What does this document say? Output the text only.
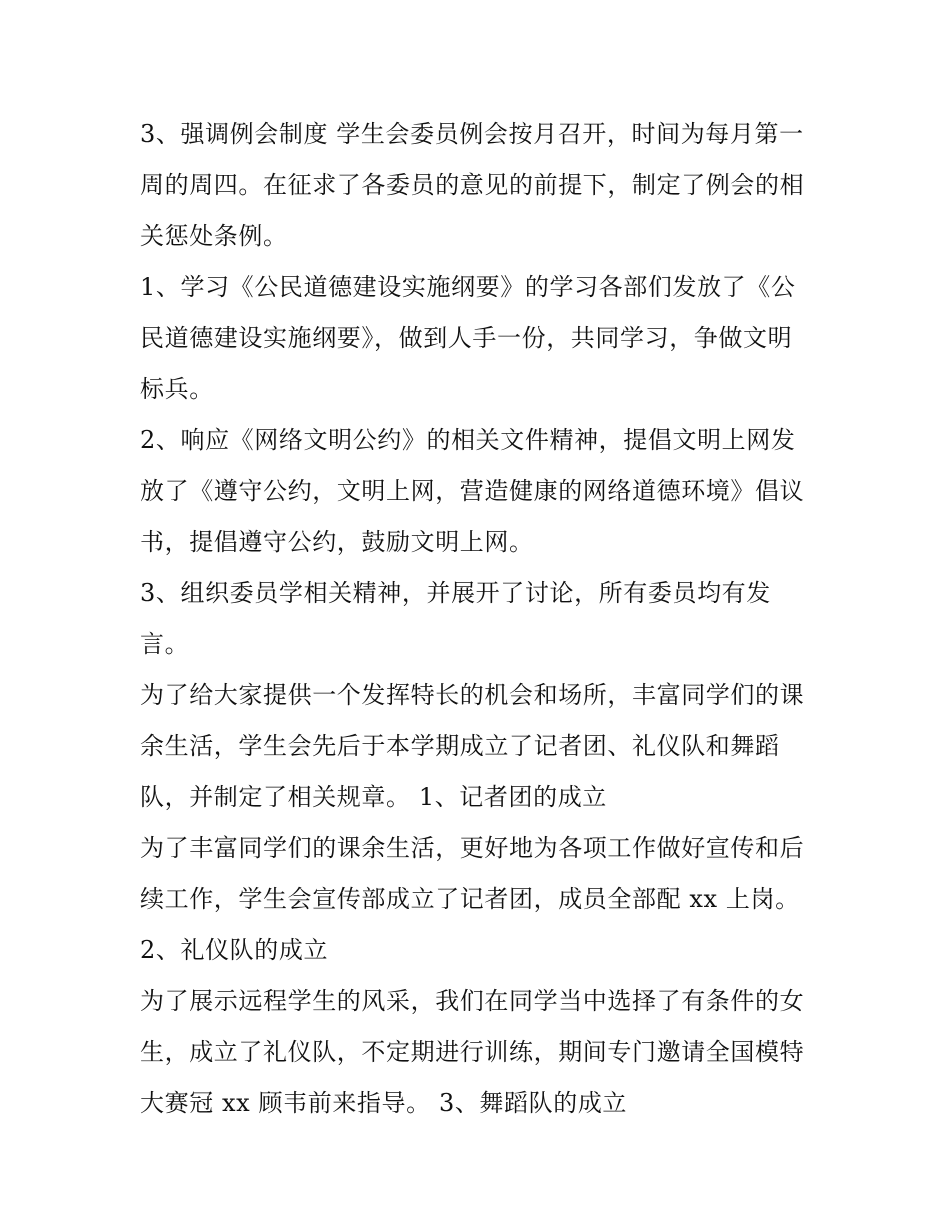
3、强调例会制度 学生会委员例会按月召开，时间为每月第一

周的周四。在征求了各委员的意见的前提下，制定了例会的相

关惩处条例。

1、学习《公民道德建设实施纲要》的学习各部们发放了《公

民道德建设实施纲要》，做到人手一份，共同学习，争做文明

标兵。

2、响应《网络文明公约》的相关文件精神，提倡文明上网发

放了《遵守公约，文明上网，营造健康的网络道德环境》倡议

书，提倡遵守公约，鼓励文明上网。

3、组织委员学相关精神，并展开了讨论，所有委员均有发

言。

为了给大家提供一个发挥特长的机会和场所，丰富同学们的课

余生活，学生会先后于本学期成立了记者团、礼仪队和舞蹈

队，并制定了相关规章。 1、记者团的成立

为了丰富同学们的课余生活，更好地为各项工作做好宣传和后

续工作，学生会宣传部成立了记者团，成员全部配 xx 上岗。

2、礼仪队的成立

为了展示远程学生的风采，我们在同学当中选择了有条件的女

生，成立了礼仪队，不定期进行训练，期间专门邀请全国模特

大赛冠 xx 顾韦前来指导。 3、舞蹈队的成立
